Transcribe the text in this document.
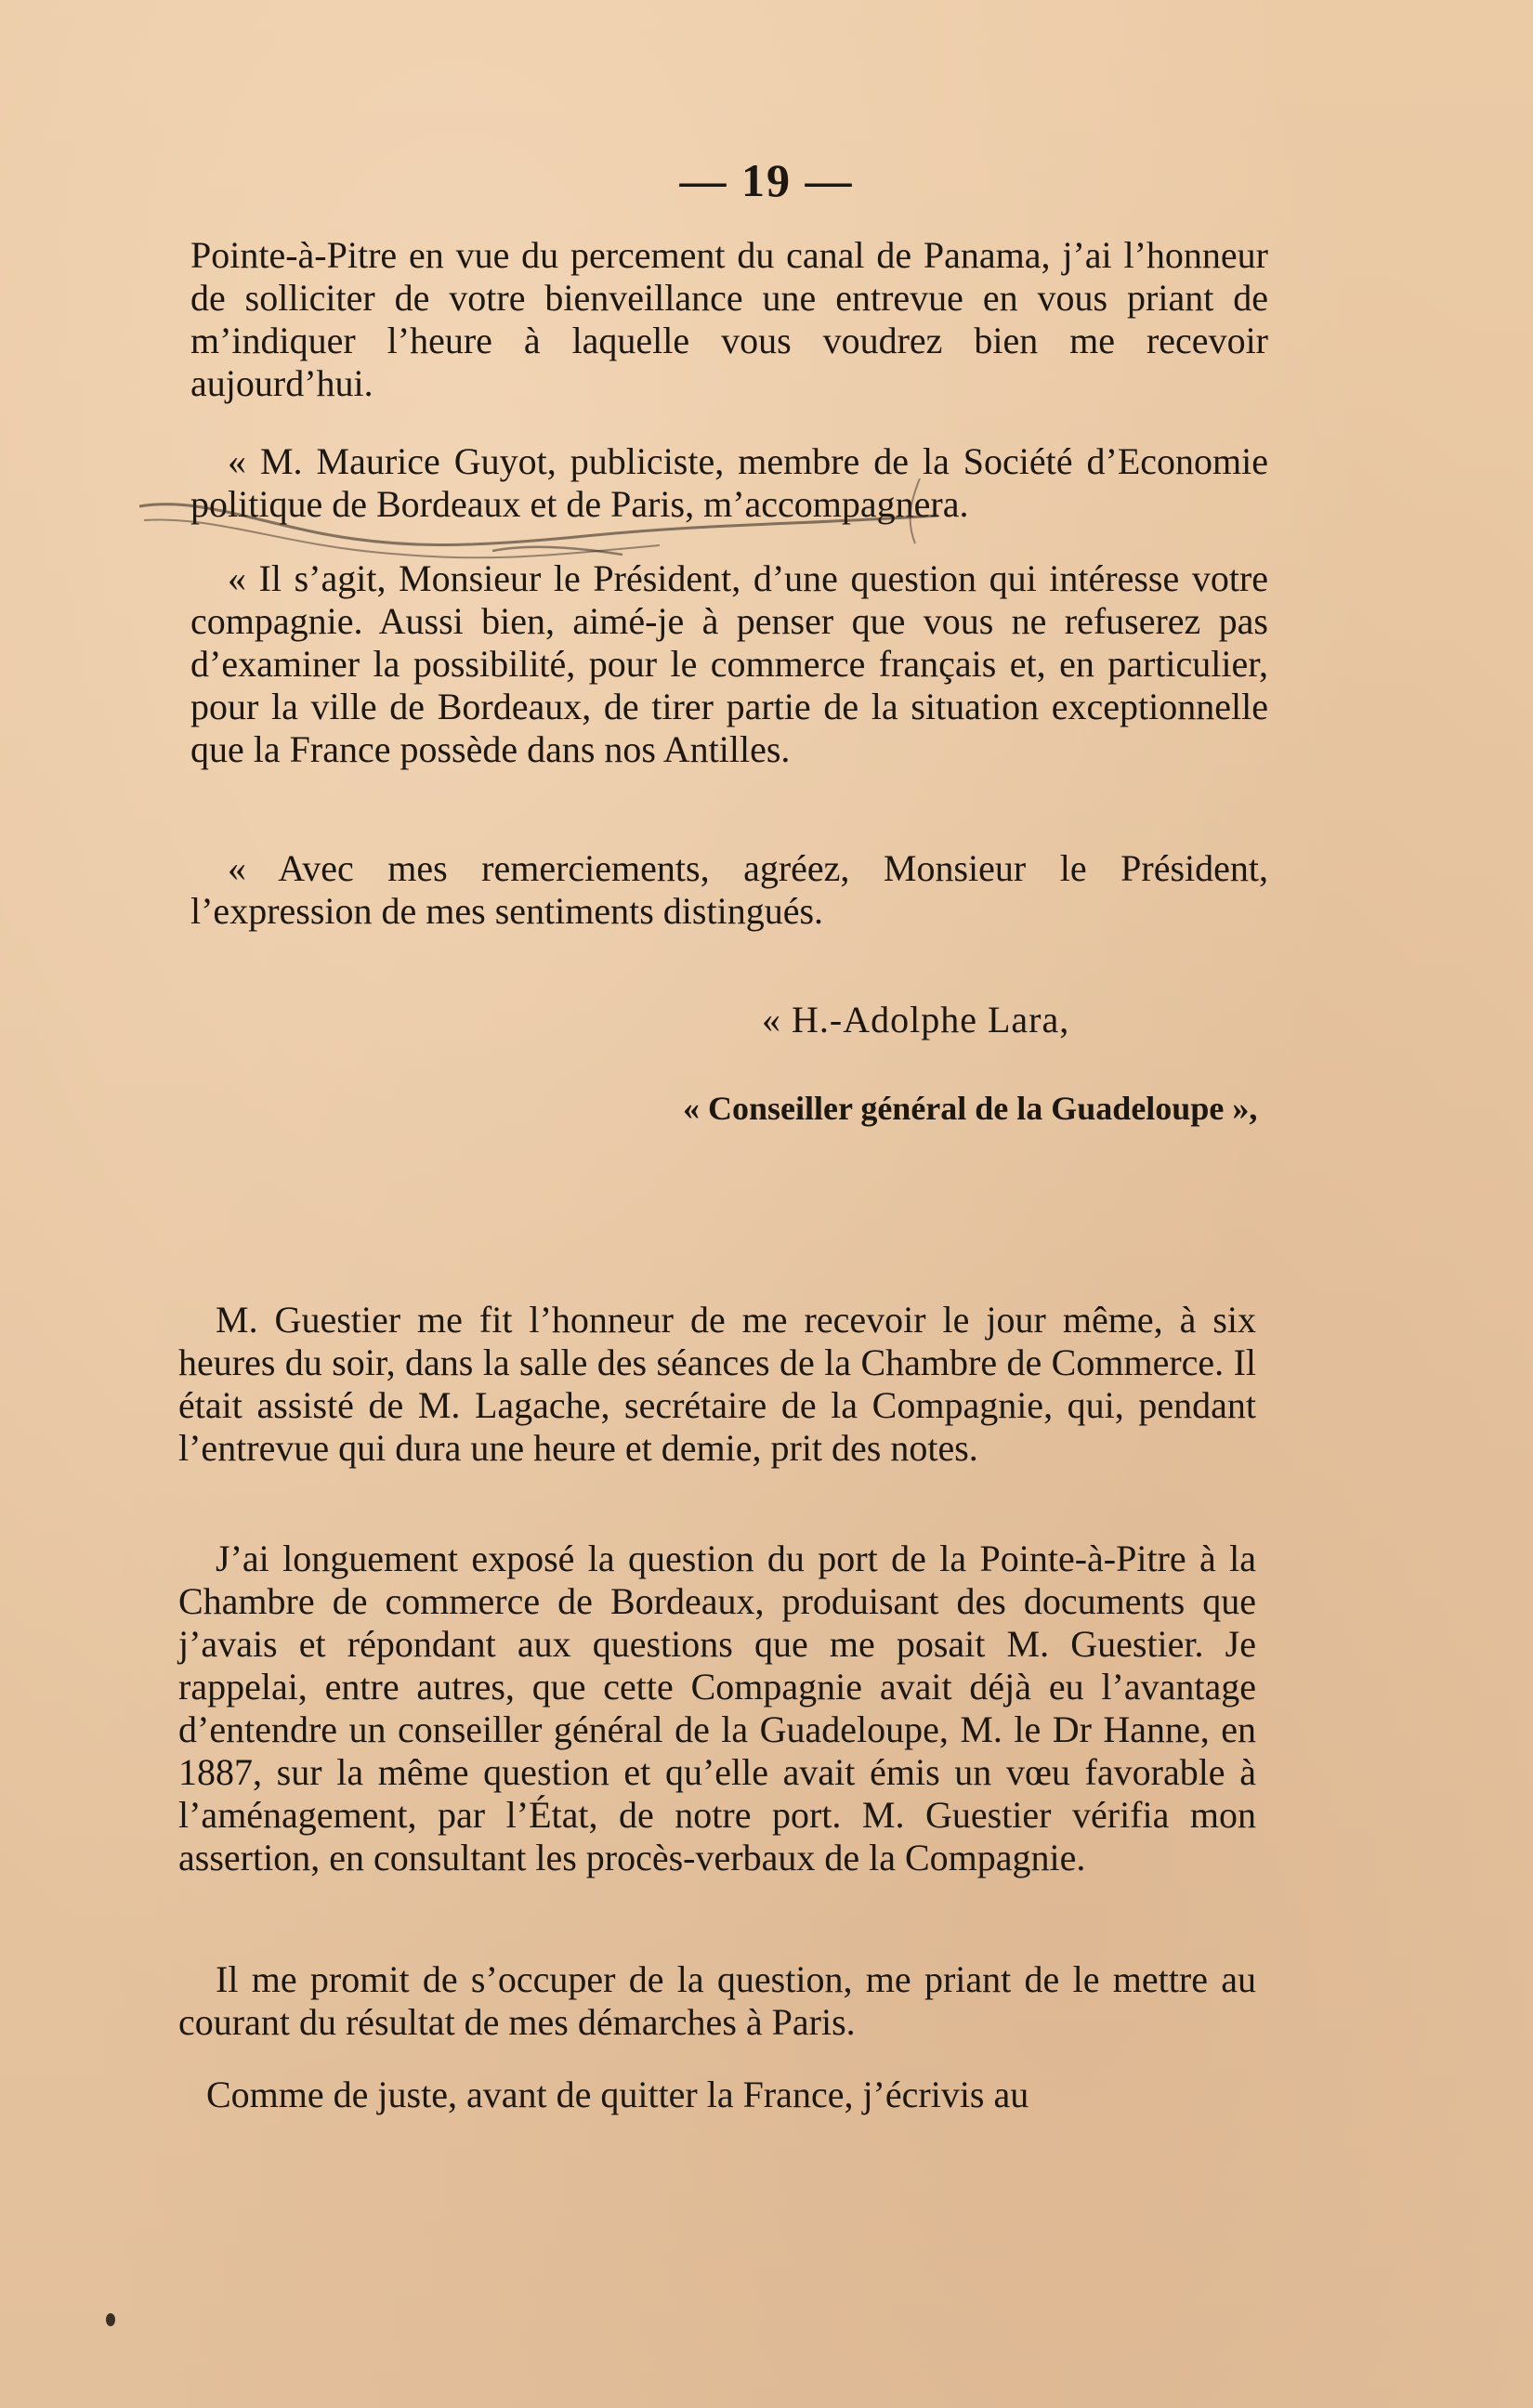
— 19 —

Pointe-à-Pitre en vue du percement du canal de Panama, j’ai l’honneur de solliciter de votre bienveillance une entrevue en vous priant de m’indiquer l’heure à laquelle vous voudrez bien me recevoir aujourd’hui.

« M. Maurice Guyot, publiciste, membre de la Société d’Economie politique de Bordeaux et de Paris, m’accompagnera.

« Il s’agit, Monsieur le Président, d’une question qui intéresse votre compagnie. Aussi bien, aimé-je à penser que vous ne refuserez pas d’examiner la possibilité, pour le commerce français et, en particulier, pour la ville de Bordeaux, de tirer partie de la situation exceptionnelle que la France possède dans nos Antilles.

« Avec mes remerciements, agréez, Monsieur le Président, l’expression de mes sentiments distingués.

« H.-Adolphe Lara,
« Conseiller général de la Guadeloupe »,

M. Guestier me fit l’honneur de me recevoir le jour même, à six heures du soir, dans la salle des séances de la Chambre de Commerce. Il était assisté de M. Lagache, secrétaire de la Compagnie, qui, pendant l’entrevue qui dura une heure et demie, prit des notes.

J’ai longuement exposé la question du port de la Pointe-à-Pitre à la Chambre de commerce de Bordeaux, produisant des documents que j’avais et répondant aux questions que me posait M. Guestier. Je rappelai, entre autres, que cette Compagnie avait déjà eu l’avantage d’entendre un conseiller général de la Guadeloupe, M. le Dr Hanne, en 1887, sur la même question et qu’elle avait émis un vœu favorable à l’aménagement, par l’État, de notre port. M. Guestier vérifia mon assertion, en consultant les procès-verbaux de la Compagnie.

Il me promit de s’occuper de la question, me priant de le mettre au courant du résultat de mes démarches à Paris.

Comme de juste, avant de quitter la France, j’écrivis au
